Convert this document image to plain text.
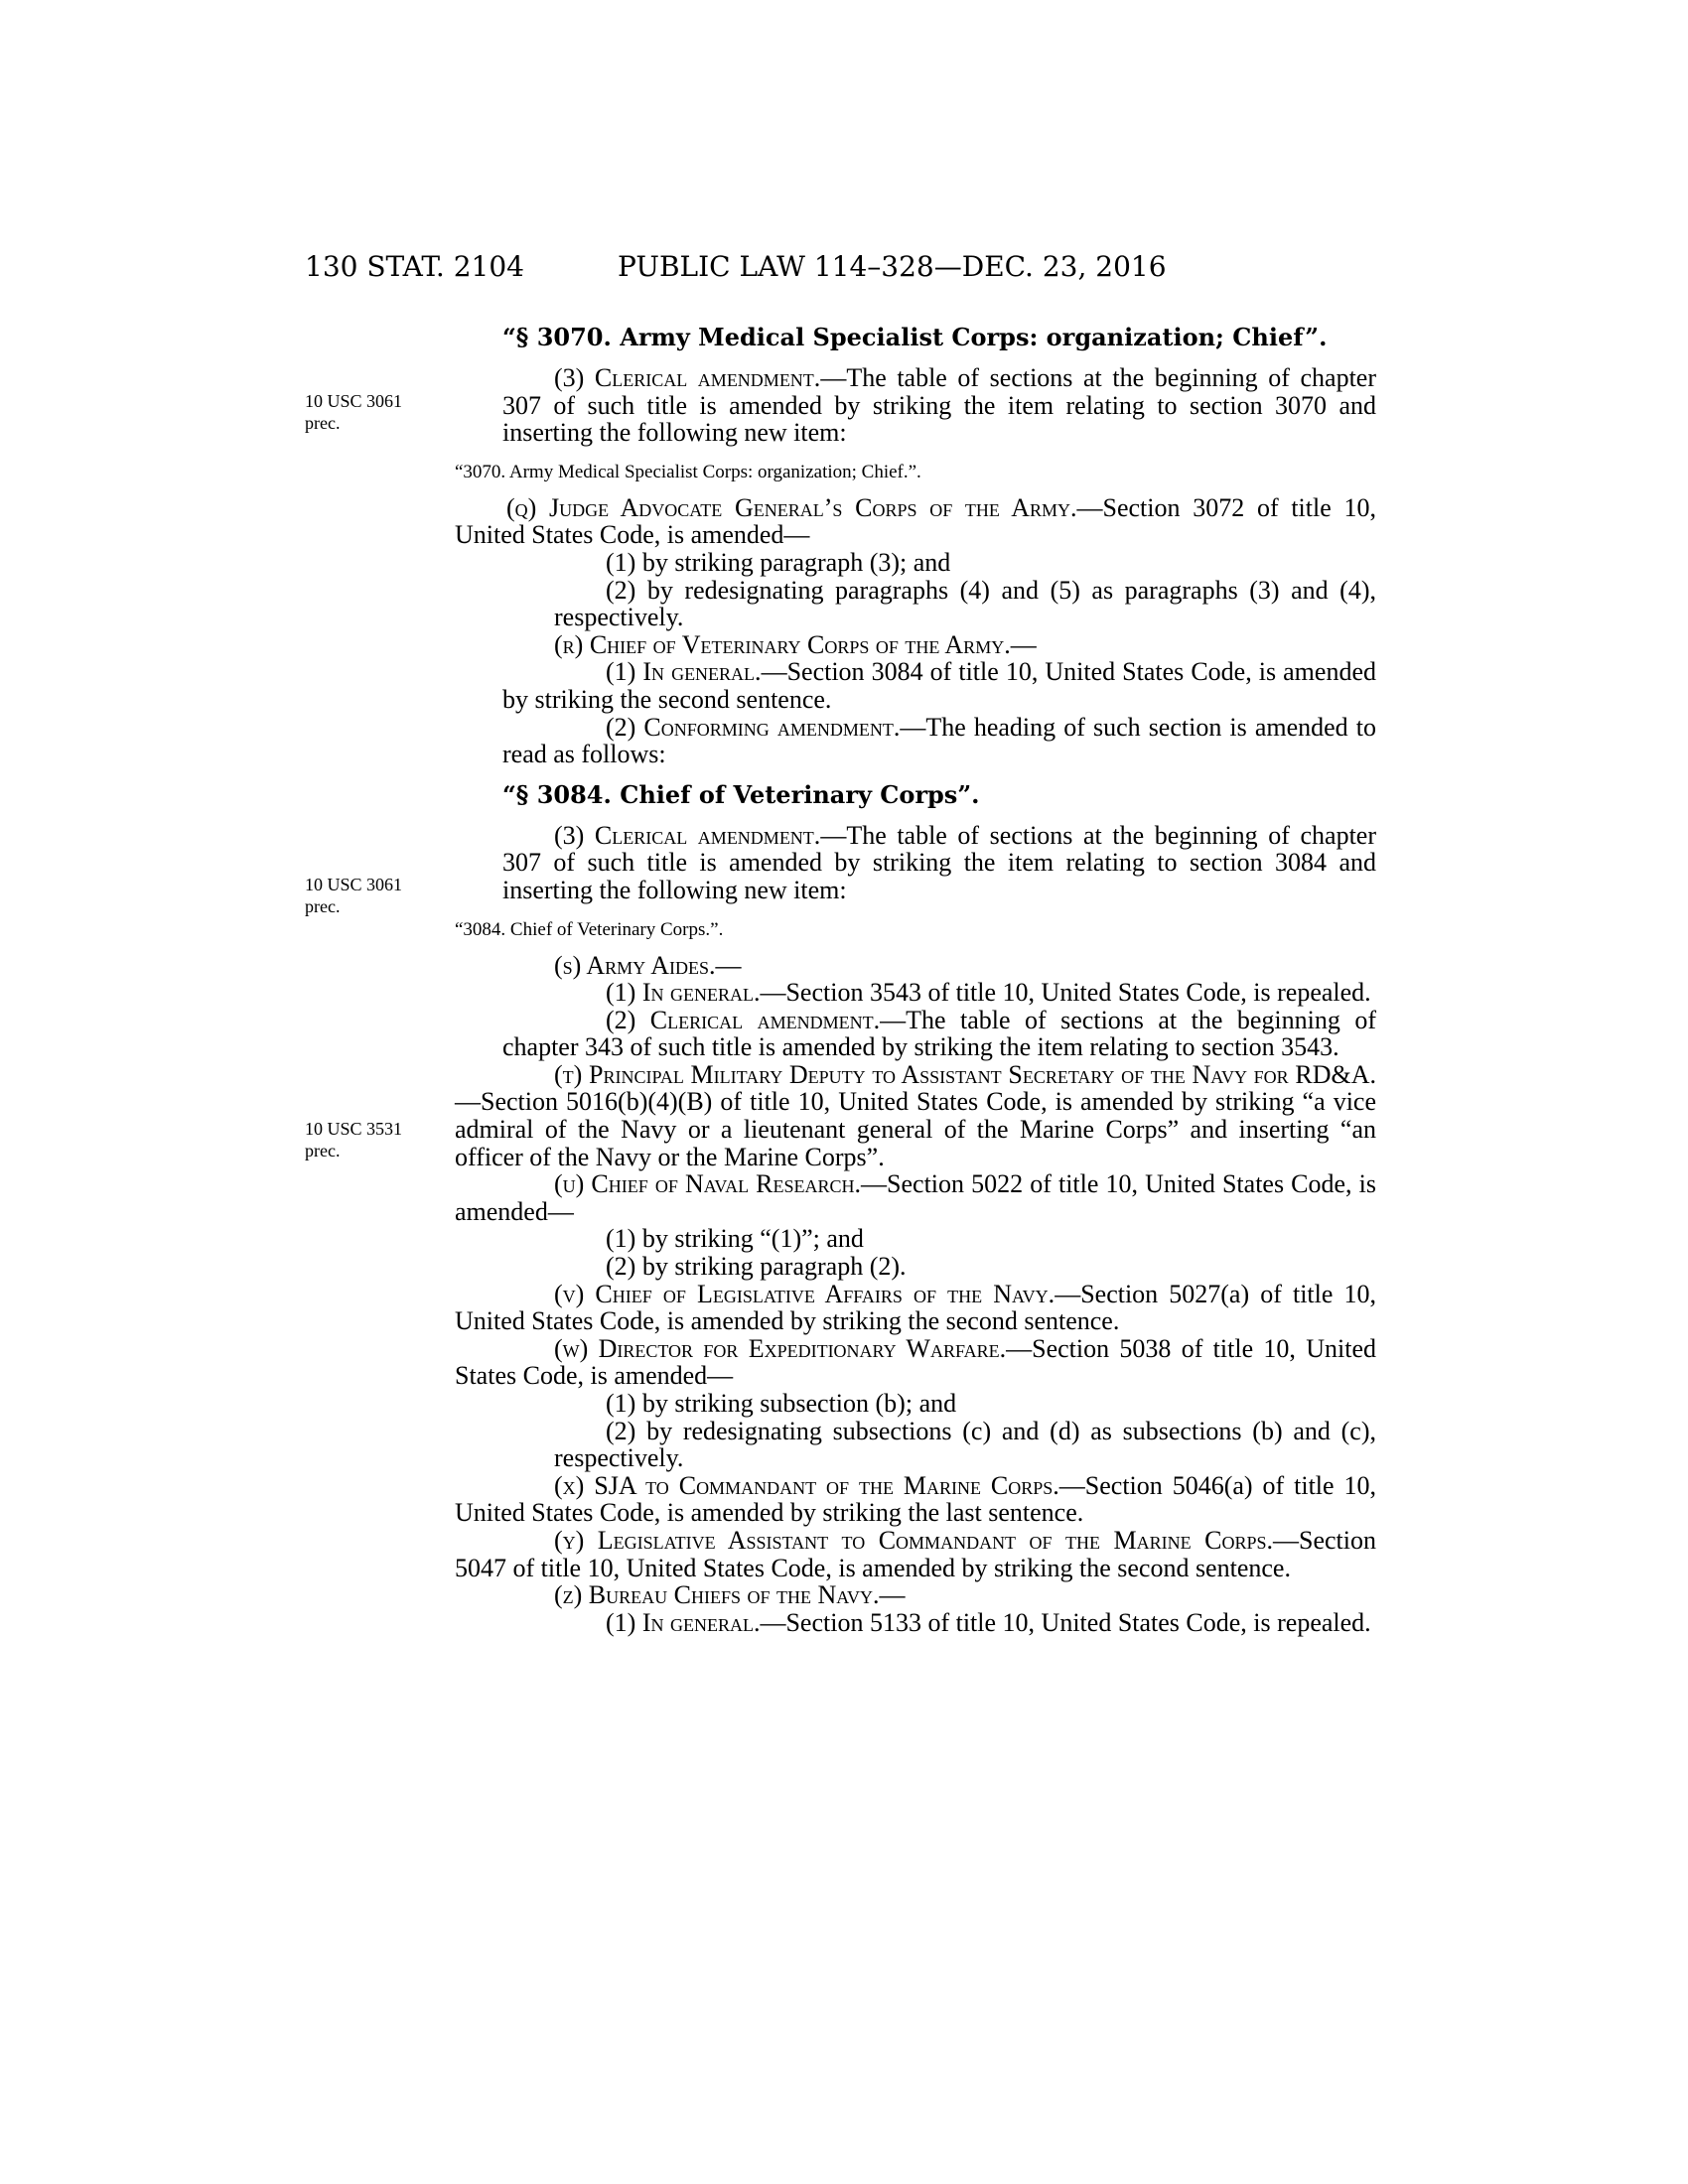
130 STAT. 2104	PUBLIC LAW 114–328—DEC. 23, 2016
10 USC 3061
prec.
10 USC 3061
prec.
10 USC 3531
prec.

“§ 3070. Army Medical Specialist Corps: organization; Chief”.

(3) Clerical amendment.—The table of sections at the beginning of chapter 307 of such title is amended by striking the item relating to section 3070 and inserting the following new item:

“3070. Army Medical Specialist Corps: organization; Chief.”.

(q) Judge Advocate General’s Corps of the Army.—Section 3072 of title 10, United States Code, is amended—

(1) by striking paragraph (3); and

(2) by redesignating paragraphs (4) and (5) as paragraphs (3) and (4), respectively.

(r) Chief of Veterinary Corps of the Army.—

(1) In general.—Section 3084 of title 10, United States Code, is amended by striking the second sentence.

(2) Conforming amendment.—The heading of such section is amended to read as follows:

“§ 3084. Chief of Veterinary Corps”.

(3) Clerical amendment.—The table of sections at the beginning of chapter 307 of such title is amended by striking the item relating to section 3084 and inserting the following new item:

“3084. Chief of Veterinary Corps.”.

(s) Army Aides.—

(1) In general.—Section 3543 of title 10, United States Code, is repealed.

(2) Clerical amendment.—The table of sections at the beginning of chapter 343 of such title is amended by striking the item relating to section 3543.

(t) Principal Military Deputy to Assistant Secretary of the Navy for RD&A.—Section 5016(b)(4)(B) of title 10, United States Code, is amended by striking “a vice admiral of the Navy or a lieutenant general of the Marine Corps” and inserting “an officer of the Navy or the Marine Corps”.

(u) Chief of Naval Research.—Section 5022 of title 10, United States Code, is amended—

(1) by striking “(1)”; and

(2) by striking paragraph (2).

(v) Chief of Legislative Affairs of the Navy.—Section 5027(a) of title 10, United States Code, is amended by striking the second sentence.

(w) Director for Expeditionary Warfare.—Section 5038 of title 10, United States Code, is amended—

(1) by striking subsection (b); and

(2) by redesignating subsections (c) and (d) as subsections (b) and (c), respectively.

(x) SJA to Commandant of the Marine Corps.—Section 5046(a) of title 10, United States Code, is amended by striking the last sentence.

(y) Legislative Assistant to Commandant of the Marine Corps.—Section 5047 of title 10, United States Code, is amended by striking the second sentence.

(z) Bureau Chiefs of the Navy.—

(1) In general.—Section 5133 of title 10, United States Code, is repealed.
